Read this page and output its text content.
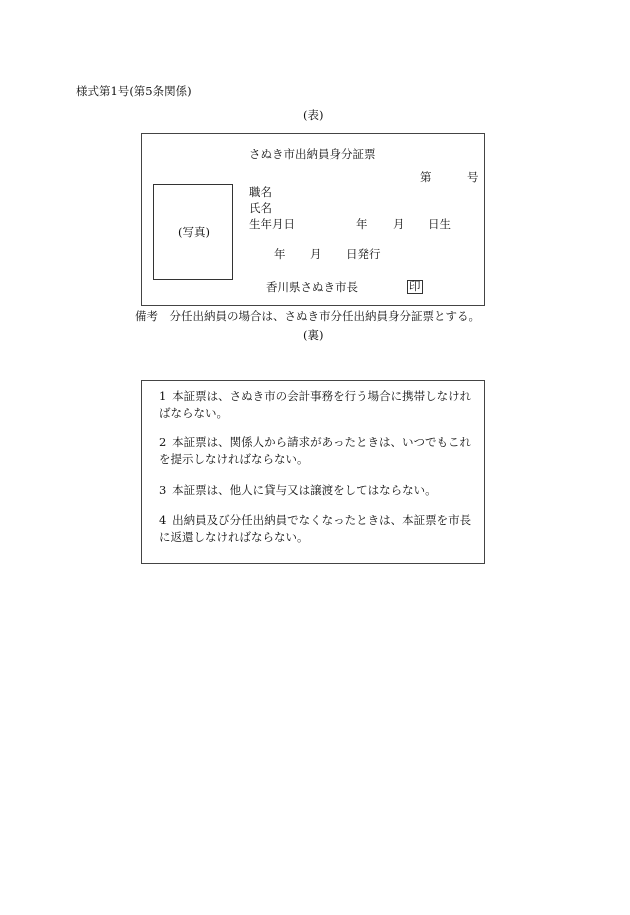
様式第1号(第5条関係)
(表)
さぬき市出納員身分証票
第	号
(写真)
職名
氏名
生年月日	年 月 日生
年 月 日発行
香川県さぬき市長	印
備考　分任出納員の場合は、さぬき市分任出納員身分証票とする。
(裏)
1  本証票は、さぬき市の会計事務を行う場合に携帯しなければならない。
2  本証票は、関係人から請求があったときは、いつでもこれを提示しなければならない。
3  本証票は、他人に貸与又は譲渡をしてはならない。
4  出納員及び分任出納員でなくなったときは、本証票を市長に返還しなければならない。
